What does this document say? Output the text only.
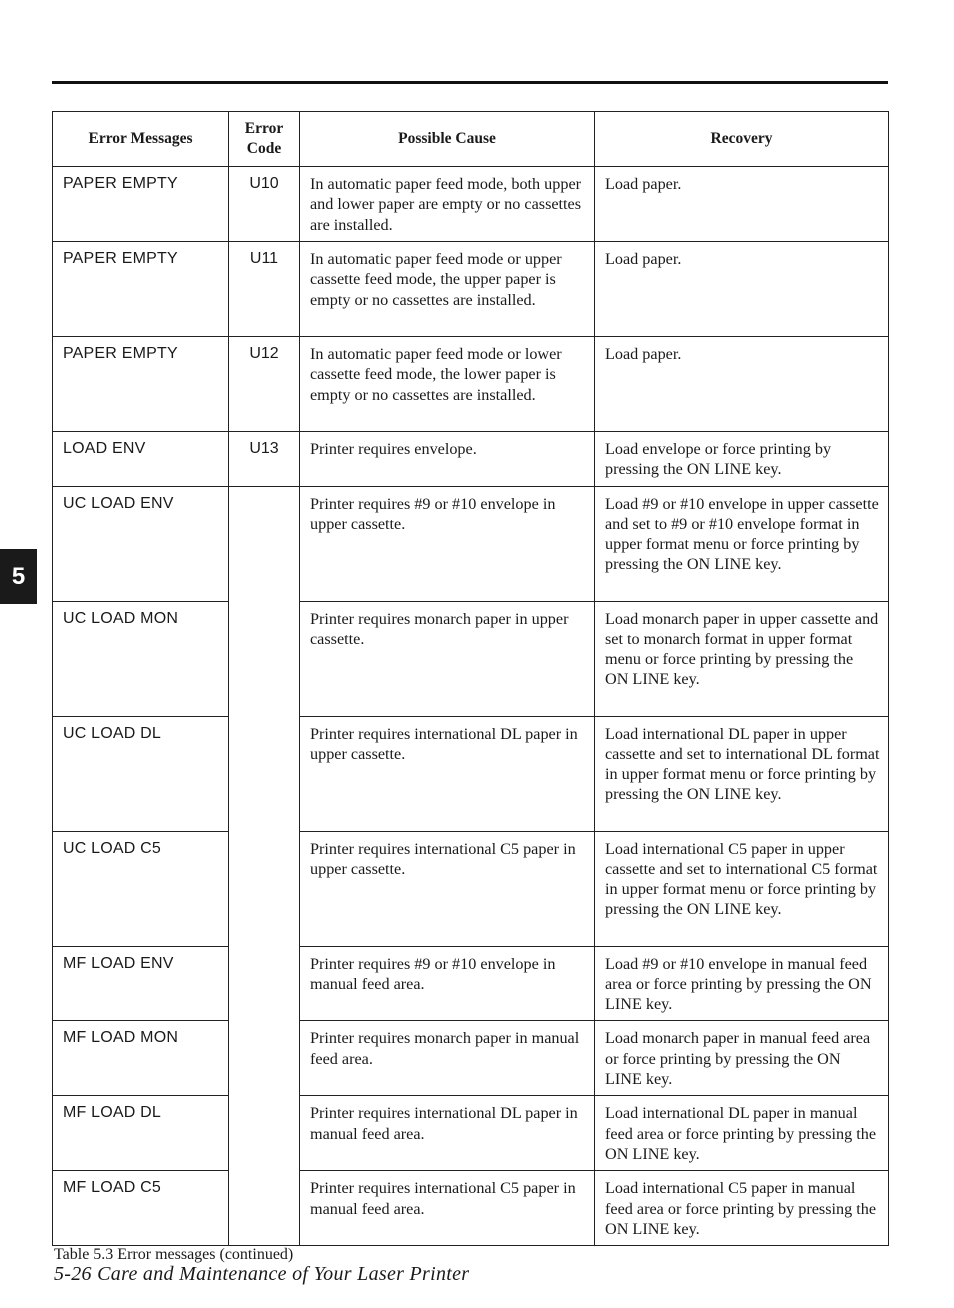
5
Error Messages	Error Code	Possible Cause	Recovery
PAPER EMPTY	U10	In automatic paper feed mode, both upper and lower paper are empty or no cassettes are installed.	Load paper.
PAPER EMPTY	U11	In automatic paper feed mode or upper cassette feed mode, the upper paper is empty or no cassettes are installed.	Load paper.
PAPER EMPTY	U12	In automatic paper feed mode or lower cassette feed mode, the lower paper is empty or no cassettes are installed.	Load paper.
LOAD ENV	U13	Printer requires envelope.	Load envelope or force printing by pressing the ON LINE key.
UC LOAD ENV		Printer requires #9 or #10 envelope in upper cassette.	Load #9 or #10 envelope in upper cassette and set to #9 or #10 envelope format in upper format menu or force printing by pressing the ON LINE key.
UC LOAD MON		Printer requires monarch paper in upper cassette.	Load monarch paper in upper cassette and set to monarch format in upper format menu or force printing by pressing the ON LINE key.
UC LOAD DL		Printer requires international DL paper in upper cassette.	Load international DL paper in upper cassette and set to international DL format in upper format menu or force printing by pressing the ON LINE key.
UC LOAD C5		Printer requires international C5 paper in upper cassette.	Load international C5 paper in upper cassette and set to international C5 format in upper format menu or force printing by pressing the ON LINE key.
MF LOAD ENV		Printer requires #9 or #10 envelope in manual feed area.	Load #9 or #10 envelope in manual feed area or force printing by pressing the ON LINE key.
MF LOAD MON		Printer requires monarch paper in manual feed area.	Load monarch paper in manual feed area or force printing by pressing the ON LINE key.
MF LOAD DL		Printer requires international DL paper in manual feed area.	Load international DL paper in manual feed area or force printing by pressing the ON LINE key.
MF LOAD C5		Printer requires international C5 paper in manual feed area.	Load international C5 paper in manual feed area or force printing by pressing the ON LINE key.
Table 5.3 Error messages (continued)
5-26 Care and Maintenance of Your Laser Printer
